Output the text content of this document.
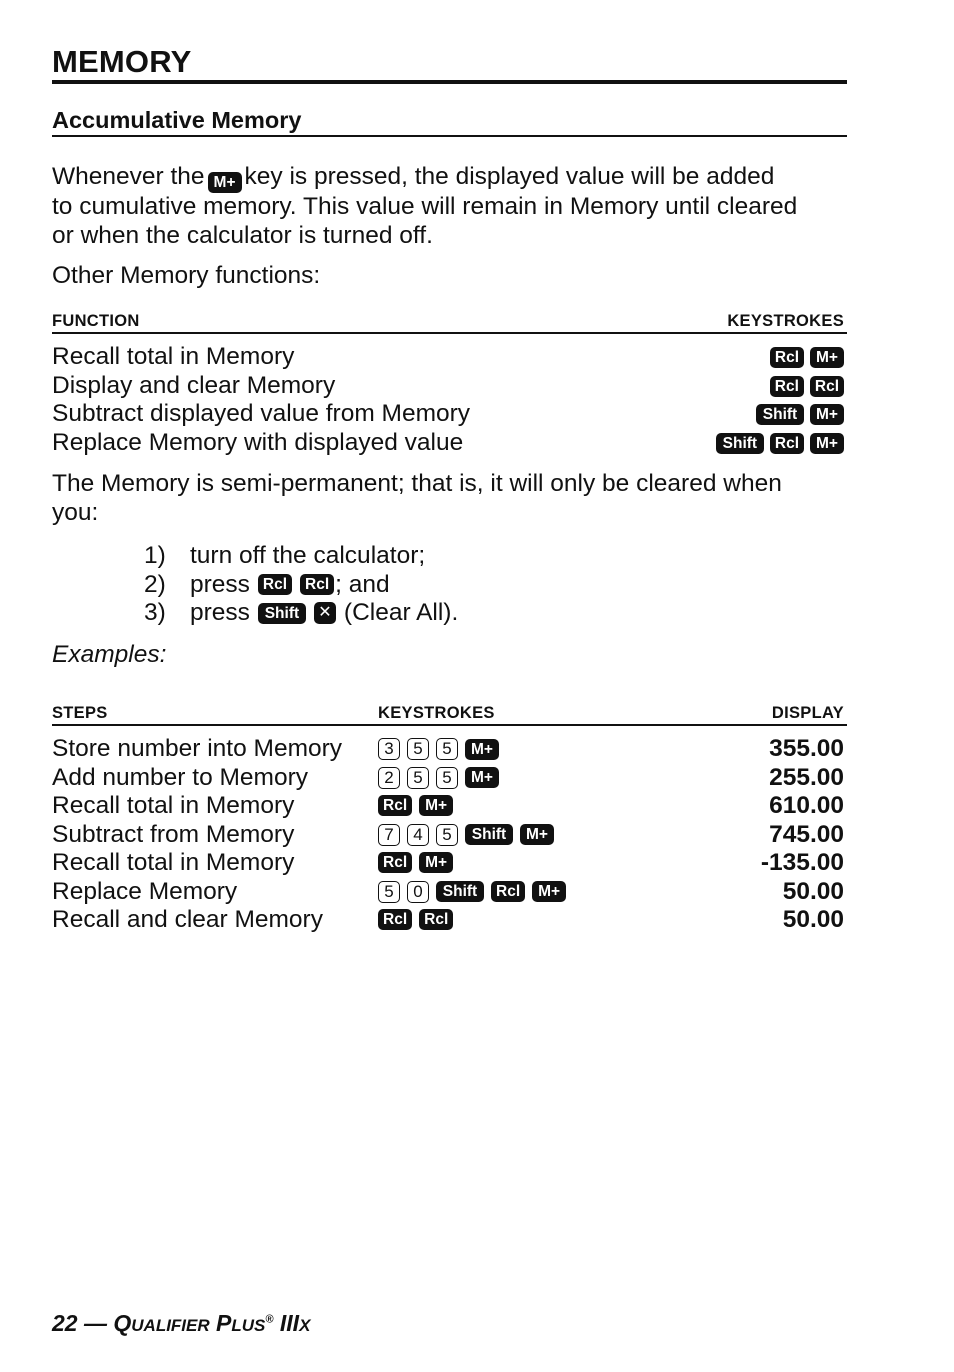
MEMORY
Accumulative Memory
Whenever the M+ key is pressed, the displayed value will be added
to cumulative memory. This value will remain in Memory until cleared
or when the calculator is turned off.
Other Memory functions:
FUNCTION	KEYSTROKES
Recall total in Memory	Rcl	M+
Display and clear Memory	Rcl	Rcl
Subtract displayed value from Memory	Shift	M+
Replace Memory with displayed value	Shift	Rcl	M+
The Memory is semi-permanent; that is, it will only be cleared when
you:
1) turn off the calculator;
2) press Rcl	Rcl ; and
3) press Shift	✕ (Clear All).
Examples:
STEPS	KEYSTROKES	DISPLAY
Store number into Memory	3	5	5	M+	355.00
Add number to Memory	2	5	5	M+	255.00
Recall total in Memory	Rcl	M+	610.00
Subtract from Memory	7	4	5	Shift	M+	745.00
Recall total in Memory	Rcl	M+	-135.00
Replace Memory	5	0	Shift	Rcl	M+	50.00
Recall and clear Memory	Rcl	Rcl	50.00
22 — QUALIFIER PLUS® IIIX
